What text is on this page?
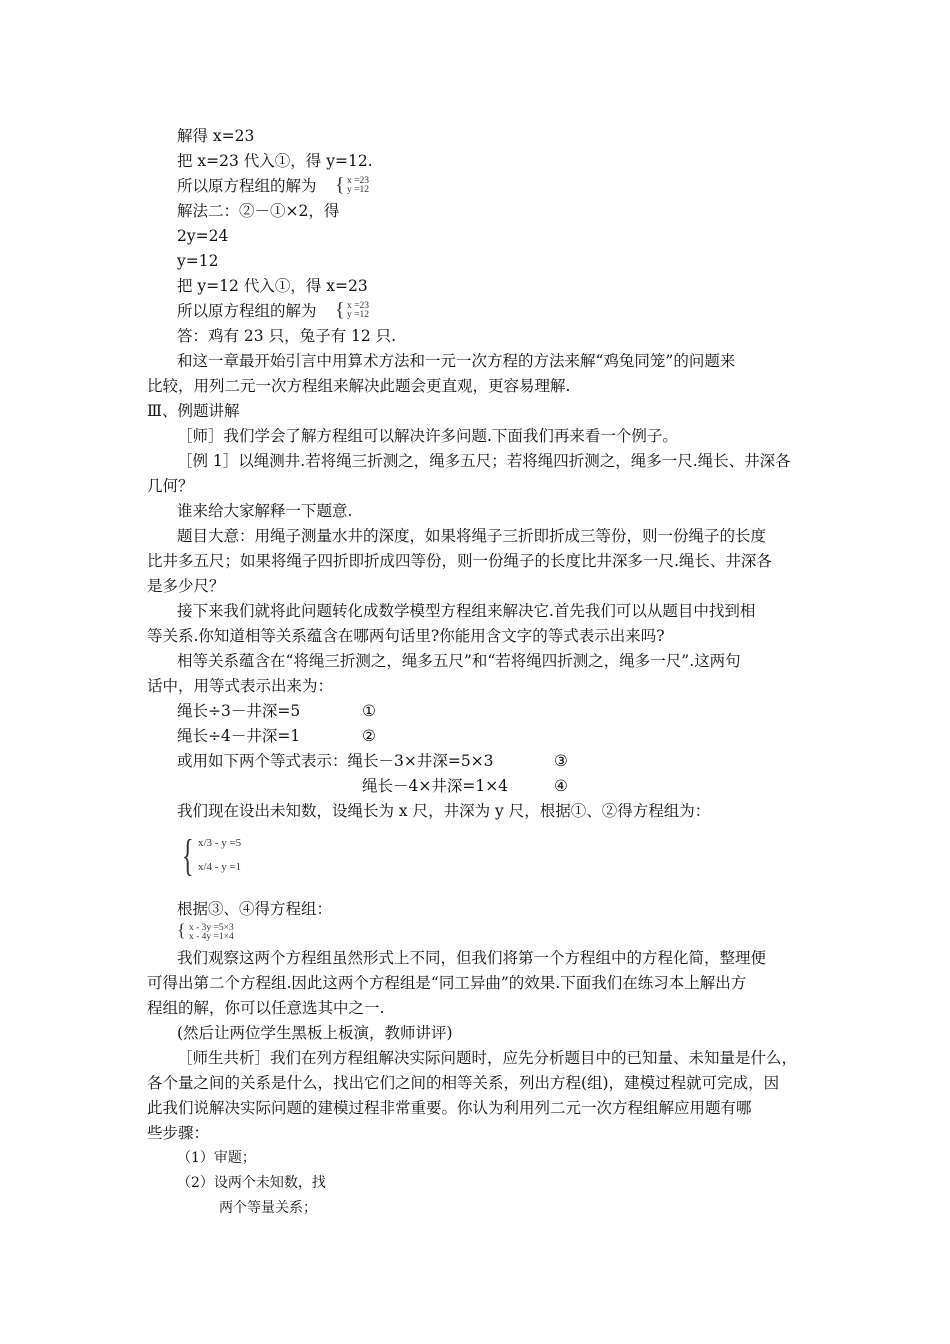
解得 x=23
把 x=23 代入①，得 y=12.
所以原方程组的解为 { x =23
y =12
解法二：②－①×2，得
2y=24
y=12
把 y=12 代入①，得 x=23
所以原方程组的解为 { x =23
y =12
答：鸡有 23 只，兔子有 12 只.
和这一章最开始引言中用算术方法和一元一次方程的方法来解“鸡兔同笼”的问题来
比较，用列二元一次方程组来解决此题会更直观，更容易理解.
Ⅲ、例题讲解
［师］我们学会了解方程组可以解决许多问题.下面我们再来看一个例子。
［例 1］以绳测井.若将绳三折测之，绳多五尺；若将绳四折测之，绳多一尺.绳长、井深各
几何？
谁来给大家解释一下题意.
题目大意：用绳子测量水井的深度，如果将绳子三折即折成三等份，则一份绳子的长度
比井多五尺；如果将绳子四折即折成四等份，则一份绳子的长度比井深多一尺.绳长、井深各
是多少尺？
接下来我们就将此问题转化成数学模型方程组来解决它.首先我们可以从题目中找到相
等关系.你知道相等关系蕴含在哪两句话里?你能用含文字的等式表示出来吗?
相等关系蕴含在“将绳三折测之，绳多五尺”和“若将绳四折测之，绳多一尺”.这两句
话中，用等式表示出来为：
绳长÷3－井深=5	①
绳长÷4－井深=1	②
或用如下两个等式表示：绳长－3×井深=5×3	③
绳长－4×井深=1×4	④
我们现在设出未知数，设绳长为 x 尺，井深为 y 尺，根据①、②得方程组为：
{ x/3 - y =5
x/4 - y =1
根据③、④得方程组：
{ x - 3y =5×3
x - 4y =1×4
我们观察这两个方程组虽然形式上不同，但我们将第一个方程组中的方程化简，整理便
可得出第二个方程组.因此这两个方程组是“同工异曲”的效果.下面我们在练习本上解出方
程组的解，你可以任意选其中之一.
(然后让两位学生黑板上板演，教师讲评)
［师生共析］我们在列方程组解决实际问题时，应先分析题目中的已知量、未知量是什么，
各个量之间的关系是什么，找出它们之间的相等关系，列出方程(组)，建模过程就可完成，因
此我们说解决实际问题的建模过程非常重要。你认为利用列二元一次方程组解应用题有哪
些步骤：
（1）审题；
（2）设两个未知数，找
两个等量关系；
